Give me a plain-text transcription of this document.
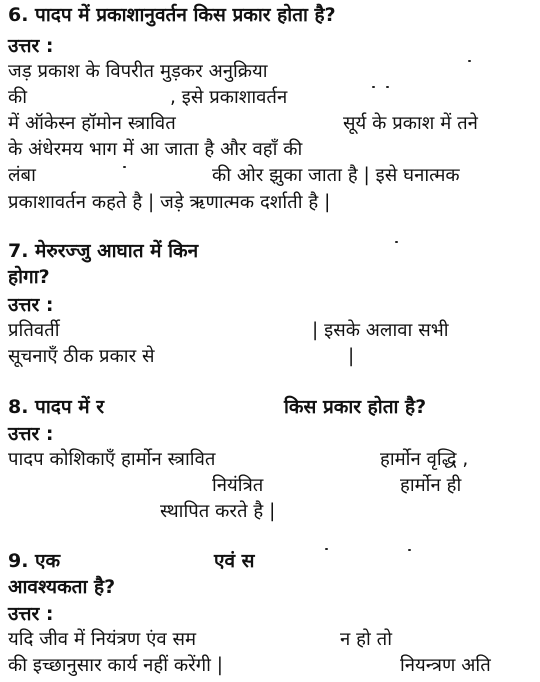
6. पादप में प्रकाशानुवर्तन किस प्रकार होता है?
उत्तर :
जड़ प्रकाश के विपरीत मुड़कर अनुक्रिया
की	, इसे प्रकाशावर्तन
में ऑकेस्न हॉमोन स्त्रावित	सूर्य के प्रकाश में तने
के अंधेरमय भाग में आ जाता है और वहाँ की
लंबा	की ओर झुका जाता है | इसे घनात्मक
प्रकाशावर्तन कहते है | जड़े ऋणात्मक दर्शाती है |
7. मेरुरज्जु आघात में किन
होगा?
उत्तर :
प्रतिवर्ती	| इसके अलावा सभी
सूचनाएँ ठीक प्रकार से	|
8. पादप में र	किस प्रकार होता है?
उत्तर :
पादप कोशिकाएँ हार्मोन स्त्रावित	हार्मोन वृद्धि ,
नियंत्रित	हार्मोन ही
स्थापित करते है |
9. एक	एवं स
आवश्यकता है?
उत्तर :
यदि जीव में नियंत्रण एंव सम	न हो तो
की इच्छानुसार कार्य नहीं करेंगी |	नियन्त्रण अति
